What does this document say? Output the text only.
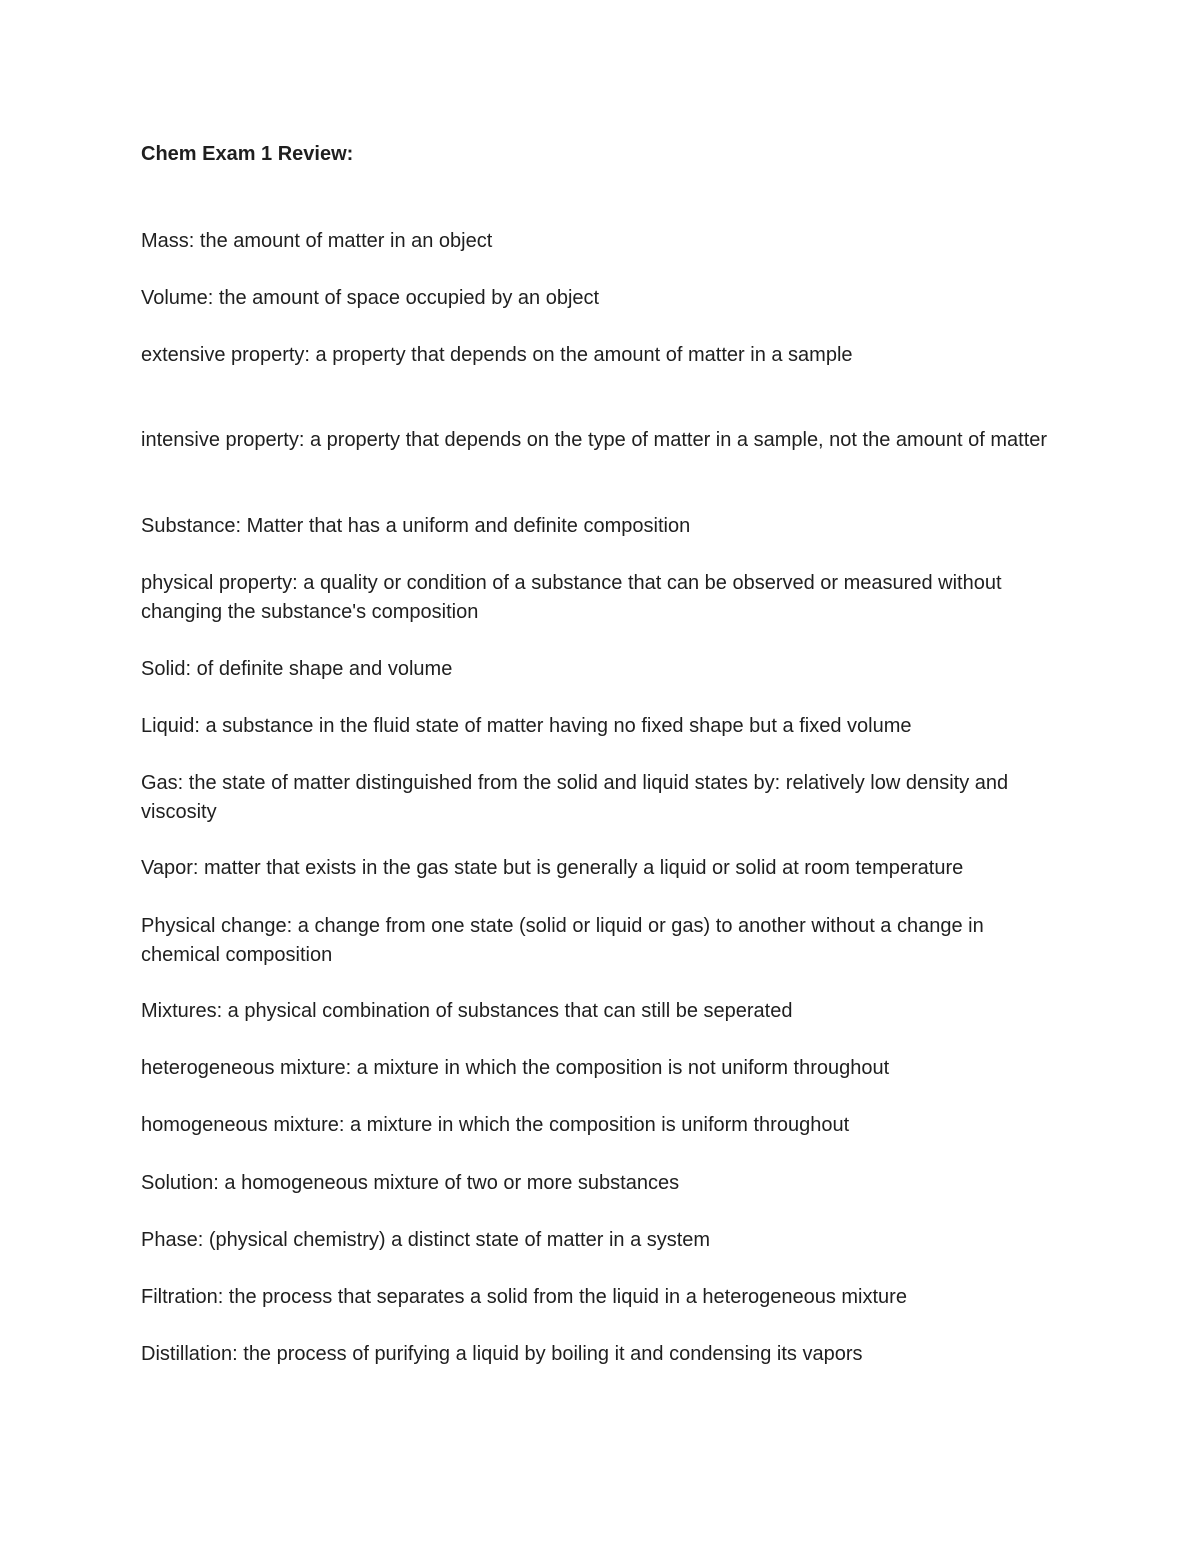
Chem Exam 1 Review:

Mass: the amount of matter in an object

Volume: the amount of space occupied by an object

extensive property: a property that depends on the amount of matter in a sample

intensive property: a property that depends on the type of matter in a sample, not the amount of matter

Substance: Matter that has a uniform and definite composition

physical property: a quality or condition of a substance that can be observed or measured without changing the substance's composition

Solid: of definite shape and volume

Liquid: a substance in the fluid state of matter having no fixed shape but a fixed volume

Gas: the state of matter distinguished from the solid and liquid states by: relatively low density and viscosity

Vapor: matter that exists in the gas state but is generally a liquid or solid at room temperature

Physical change: a change from one state (solid or liquid or gas) to another without a change in chemical composition

Mixtures: a physical combination of substances that can still be seperated

heterogeneous mixture: a mixture in which the composition is not uniform throughout

homogeneous mixture: a mixture in which the composition is uniform throughout

Solution: a homogeneous mixture of two or more substances

Phase: (physical chemistry) a distinct state of matter in a system

Filtration: the process that separates a solid from the liquid in a heterogeneous mixture

Distillation: the process of purifying a liquid by boiling it and condensing its vapors
